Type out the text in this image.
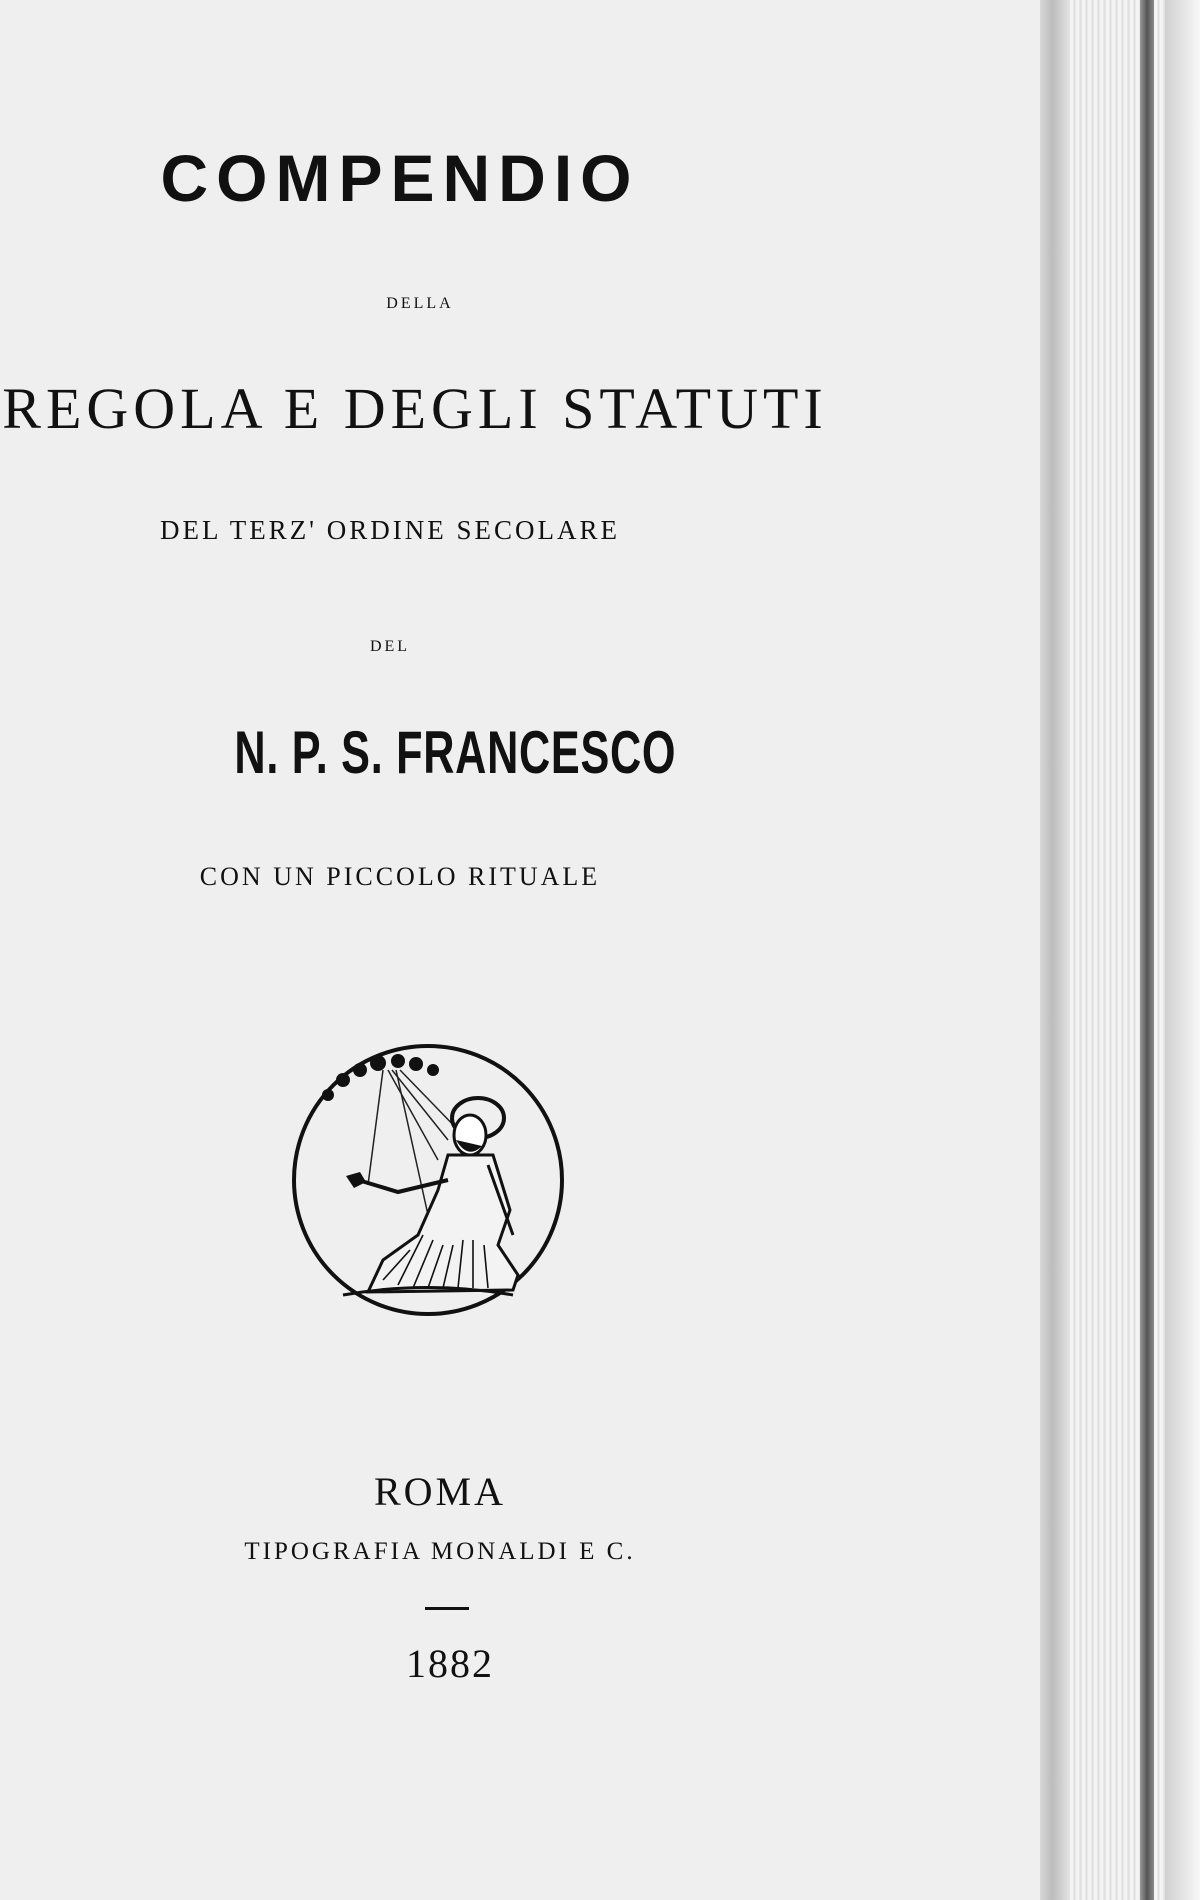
COMPENDIO
DELLA
REGOLA E DEGLI STATUTI
DEL TERZ' ORDINE SECOLARE
DEL
N. P. S. FRANCESCO
CON UN PICCOLO RITUALE
ROMA
TIPOGRAFIA MONALDI E C.
1882
